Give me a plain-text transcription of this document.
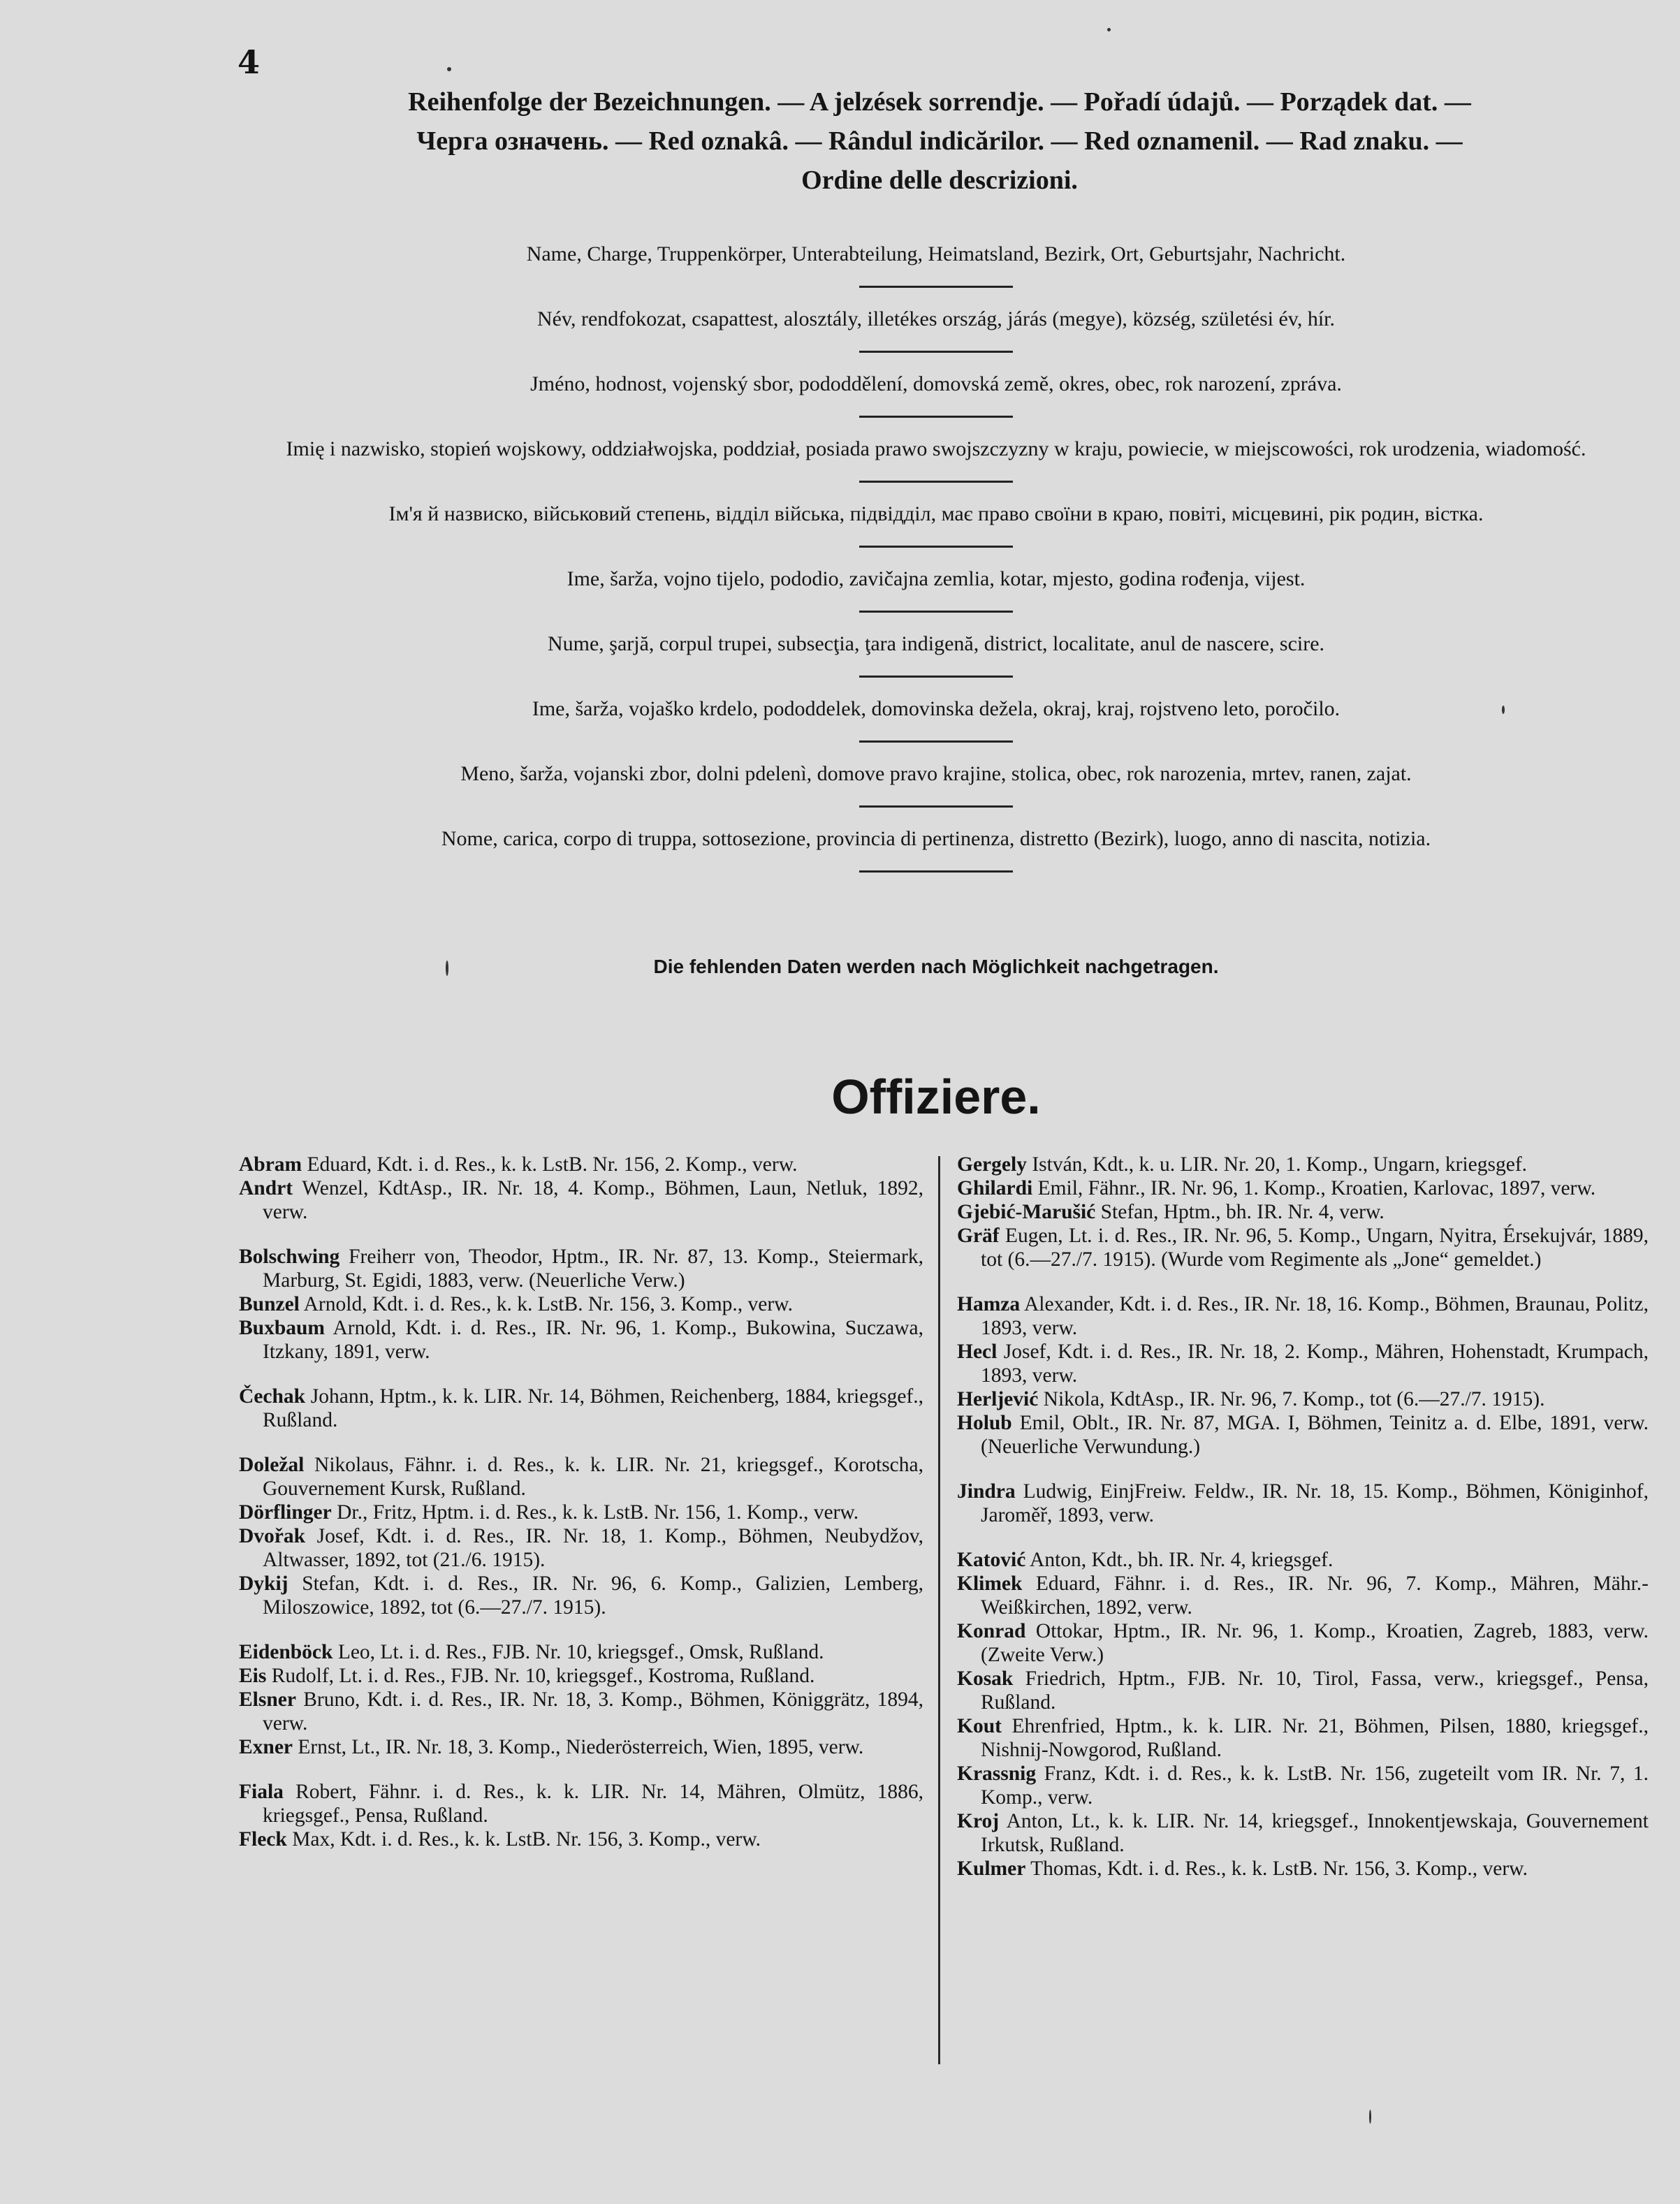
4
Reihenfolge der Bezeichnungen. — A jelzések sorrendje. — Pořadí údajů. — Porządek dat. —
Черга означень. — Red oznakâ. — Rândul indicărilor. — Red oznamenil. — Rad znaku. —
Ordine delle descrizioni.
Name, Charge, Truppenkörper, Unterabteilung, Heimatsland, Bezirk, Ort, Geburtsjahr, Nachricht.
Név, rendfokozat, csapattest, alosztály, illetékes ország, járás (megye), község, születési év, hír.
Jméno, hodnost, vojenský sbor, pododdělení, domovská země, okres, obec, rok narození, zpráva.
Imię i nazwisko, stopień wojskowy, oddziałwojska, poddział, posiada prawo swojszczyzny w kraju, powiecie, w miejscowości, rok urodzenia, wiadomość.
Ім'я й назвиско, військовий степень, відділ війська, підвідділ, має право своїни в краю, повіті, місцевині, рік родин, вістка.
Ime, šarža, vojno tijelo, pododio, zavičajna zemlia, kotar, mjesto, godina rođenja, vijest.
Nume, şarjă, corpul trupei, subsecţia, ţara indigenă, district, localitate, anul de nascere, scire.
Ime, šarža, vojaško krdelo, pododdelek, domovinska dežela, okraj, kraj, rojstveno leto, poročilo.
Meno, šarža, vojanski zbor, dolni pdelenì, domove pravo krajine, stolica, obec, rok narozenia, mrtev, ranen, zajat.
Nome, carica, corpo di truppa, sottosezione, provincia di pertinenza, distretto (Bezirk), luogo, anno di nascita, notizia.
Die fehlenden Daten werden nach Möglichkeit nachgetragen.
Offiziere.
Abram Eduard, Kdt. i. d. Res., k. k. LstB. Nr. 156, 2. Komp., verw.
Andrt Wenzel, KdtAsp., IR. Nr. 18, 4. Komp., Böhmen, Laun, Netluk, 1892, verw.
Bolschwing Freiherr von, Theodor, Hptm., IR. Nr. 87, 13. Komp., Steiermark, Marburg, St. Egidi, 1883, verw. (Neuerliche Verw.)
Bunzel Arnold, Kdt. i. d. Res., k. k. LstB. Nr. 156, 3. Komp., verw.
Buxbaum Arnold, Kdt. i. d. Res., IR. Nr. 96, 1. Komp., Bukowina, Suczawa, Itzkany, 1891, verw.
Čechak Johann, Hptm., k. k. LIR. Nr. 14, Böhmen, Reichenberg, 1884, kriegsgef., Rußland.
Doležal Nikolaus, Fähnr. i. d. Res., k. k. LIR. Nr. 21, kriegsgef., Korotscha, Gouvernement Kursk, Rußland.
Dörflinger Dr., Fritz, Hptm. i. d. Res., k. k. LstB. Nr. 156, 1. Komp., verw.
Dvořak Josef, Kdt. i. d. Res., IR. Nr. 18, 1. Komp., Böhmen, Neubydžov, Altwasser, 1892, tot (21./6. 1915).
Dykij Stefan, Kdt. i. d. Res., IR. Nr. 96, 6. Komp., Galizien, Lemberg, Miloszowice, 1892, tot (6.—27./7. 1915).
Eidenböck Leo, Lt. i. d. Res., FJB. Nr. 10, kriegsgef., Omsk, Rußland.
Eis Rudolf, Lt. i. d. Res., FJB. Nr. 10, kriegsgef., Kostroma, Rußland.
Elsner Bruno, Kdt. i. d. Res., IR. Nr. 18, 3. Komp., Böhmen, Königgrätz, 1894, verw.
Exner Ernst, Lt., IR. Nr. 18, 3. Komp., Niederösterreich, Wien, 1895, verw.
Fiala Robert, Fähnr. i. d. Res., k. k. LIR. Nr. 14, Mähren, Olmütz, 1886, kriegsgef., Pensa, Rußland.
Fleck Max, Kdt. i. d. Res., k. k. LstB. Nr. 156, 3. Komp., verw.
Gergely István, Kdt., k. u. LIR. Nr. 20, 1. Komp., Ungarn, kriegsgef.
Ghilardi Emil, Fähnr., IR. Nr. 96, 1. Komp., Kroatien, Karlovac, 1897, verw.
Gjebić-Marušić Stefan, Hptm., bh. IR. Nr. 4, verw.
Gräf Eugen, Lt. i. d. Res., IR. Nr. 96, 5. Komp., Ungarn, Nyitra, Érsekujvár, 1889, tot (6.—27./7. 1915). (Wurde vom Regimente als „Jone“ gemeldet.)
Hamza Alexander, Kdt. i. d. Res., IR. Nr. 18, 16. Komp., Böhmen, Braunau, Politz, 1893, verw.
Hecl Josef, Kdt. i. d. Res., IR. Nr. 18, 2. Komp., Mähren, Hohenstadt, Krumpach, 1893, verw.
Herljević Nikola, KdtAsp., IR. Nr. 96, 7. Komp., tot (6.—27./7. 1915).
Holub Emil, Oblt., IR. Nr. 87, MGA. I, Böhmen, Teinitz a. d. Elbe, 1891, verw. (Neuerliche Verwundung.)
Jindra Ludwig, EinjFreiw. Feldw., IR. Nr. 18, 15. Komp., Böhmen, Königinhof, Jaroměř, 1893, verw.
Katović Anton, Kdt., bh. IR. Nr. 4, kriegsgef.
Klimek Eduard, Fähnr. i. d. Res., IR. Nr. 96, 7. Komp., Mähren, Mähr.-Weißkirchen, 1892, verw.
Konrad Ottokar, Hptm., IR. Nr. 96, 1. Komp., Kroatien, Zagreb, 1883, verw. (Zweite Verw.)
Kosak Friedrich, Hptm., FJB. Nr. 10, Tirol, Fassa, verw., kriegsgef., Pensa, Rußland.
Kout Ehrenfried, Hptm., k. k. LIR. Nr. 21, Böhmen, Pilsen, 1880, kriegsgef., Nishnij-Nowgorod, Rußland.
Krassnig Franz, Kdt. i. d. Res., k. k. LstB. Nr. 156, zugeteilt vom IR. Nr. 7, 1. Komp., verw.
Kroj Anton, Lt., k. k. LIR. Nr. 14, kriegsgef., Innokentjewskaja, Gouvernement Irkutsk, Rußland.
Kulmer Thomas, Kdt. i. d. Res., k. k. LstB. Nr. 156, 3. Komp., verw.
